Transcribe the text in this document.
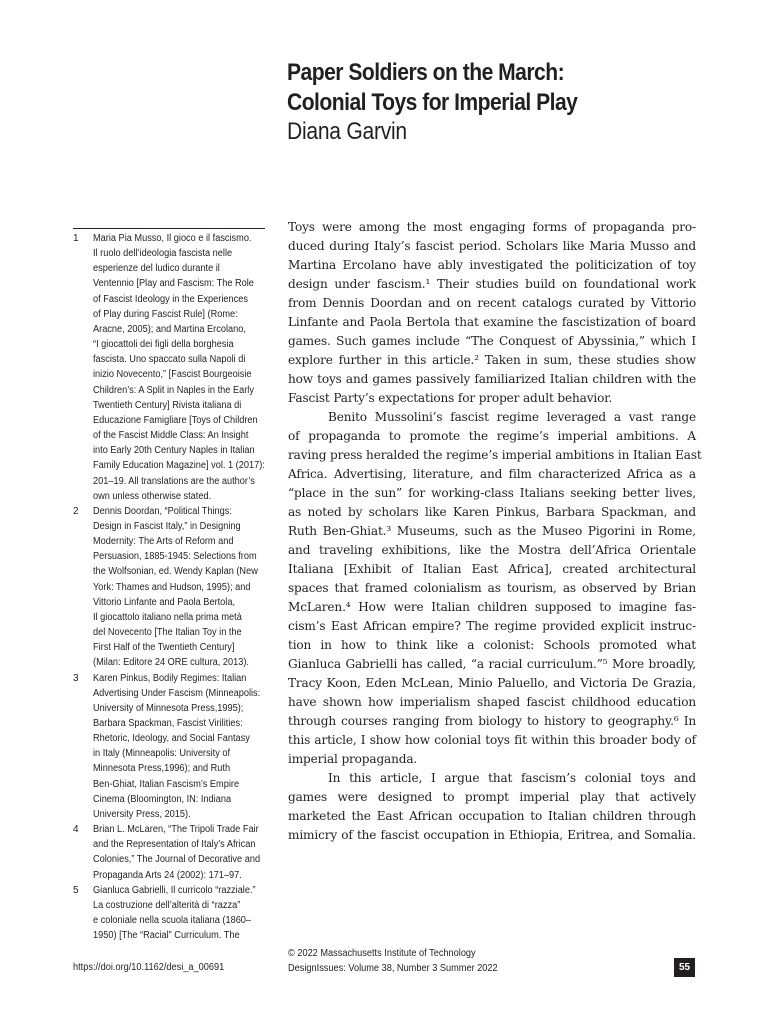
Paper Soldiers on the March:
Colonial Toys for Imperial Play
Diana Garvin
1	Maria Pia Musso, Il gioco e il fascismo.
Il ruolo dell’ideologia fascista nelle
esperienze del ludico durante il
Ventennio [Play and Fascism: The Role
of Fascist Ideology in the Experiences
of Play during Fascist Rule] (Rome:
Aracne, 2005); and Martina Ercolano,
“I giocattoli dei figli della borghesia
fascista. Uno spaccato sulla Napoli di
inizio Novecento,” [Fascist Bourgeoisie
Children’s: A Split in Naples in the Early
Twentieth Century] Rivista italiana di
Educazione Famigliare [Toys of Children
of the Fascist Middle Class: An Insight
into Early 20th Century Naples in Italian
Family Education Magazine] vol. 1 (2017):
201–19. All translations are the author’s
own unless otherwise stated.
2	Dennis Doordan, “Political Things:
Design in Fascist Italy,” in Designing
Modernity: The Arts of Reform and
Persuasion, 1885-1945: Selections from
the Wolfsonian, ed. Wendy Kaplan (New
York: Thames and Hudson, 1995); and
Vittorio Linfante and Paola Bertola,
Il giocattolo italiano nella prima metà
del Novecento [The Italian Toy in the
First Half of the Twentieth Century]
(Milan: Editore 24 ORE cultura, 2013).
3	Karen Pinkus, Bodily Regimes: Italian
Advertising Under Fascism (Minneapolis:
University of Minnesota Press,1995);
Barbara Spackman, Fascist Virilities:
Rhetoric, Ideology, and Social Fantasy
in Italy (Minneapolis: University of
Minnesota Press,1996); and Ruth
Ben-Ghiat, Italian Fascism’s Empire
Cinema (Bloomington, IN: Indiana
University Press, 2015).
4	Brian L. McLaren, “The Tripoli Trade Fair
and the Representation of Italy’s African
Colonies,” The Journal of Decorative and
Propaganda Arts 24 (2002): 171–97.
5	Gianluca Gabrielli, Il curricolo “razziale.”
La costruzione dell’alterità di “razza”
e coloniale nella scuola italiana (1860–
1950) [The “Racial” Curriculum. The
https://doi.org/10.1162/desi_a_00691
Toys were among the most engaging forms of propaganda pro-
duced during Italy’s fascist period. Scholars like Maria Musso and
Martina Ercolano have ably investigated the politicization of toy
design under fascism.¹ Their studies build on foundational work
from Dennis Doordan and on recent catalogs curated by Vittorio
Linfante and Paola Bertola that examine the fascistization of board
games. Such games include “The Conquest of Abyssinia,” which I
explore further in this article.² Taken in sum, these studies show
how toys and games passively familiarized Italian children with the
Fascist Party’s expectations for proper adult behavior.
Benito Mussolini’s fascist regime leveraged a vast range
of propaganda to promote the regime’s imperial ambitions. A
raving press heralded the regime’s imperial ambitions in Italian East
Africa. Advertising, literature, and film characterized Africa as a
“place in the sun” for working-class Italians seeking better lives,
as noted by scholars like Karen Pinkus, Barbara Spackman, and
Ruth Ben-Ghiat.³ Museums, such as the Museo Pigorini in Rome,
and traveling exhibitions, like the Mostra dell’Africa Orientale
Italiana [Exhibit of Italian East Africa], created architectural
spaces that framed colonialism as tourism, as observed by Brian
McLaren.⁴ How were Italian children supposed to imagine fas-
cism’s East African empire? The regime provided explicit instruc-
tion in how to think like a colonist: Schools promoted what
Gianluca Gabrielli has called, “a racial curriculum.”⁵ More broadly,
Tracy Koon, Eden McLean, Minio Paluello, and Victoria De Grazia,
have shown how imperialism shaped fascist childhood education
through courses ranging from biology to history to geography.⁶ In
this article, I show how colonial toys fit within this broader body of
imperial propaganda.
In this article, I argue that fascism’s colonial toys and
games were designed to prompt imperial play that actively
marketed the East African occupation to Italian children through
mimicry of the fascist occupation in Ethiopia, Eritrea, and Somalia.
© 2022 Massachusetts Institute of Technology
DesignIssues: Volume 38, Number 3 Summer 2022	55
